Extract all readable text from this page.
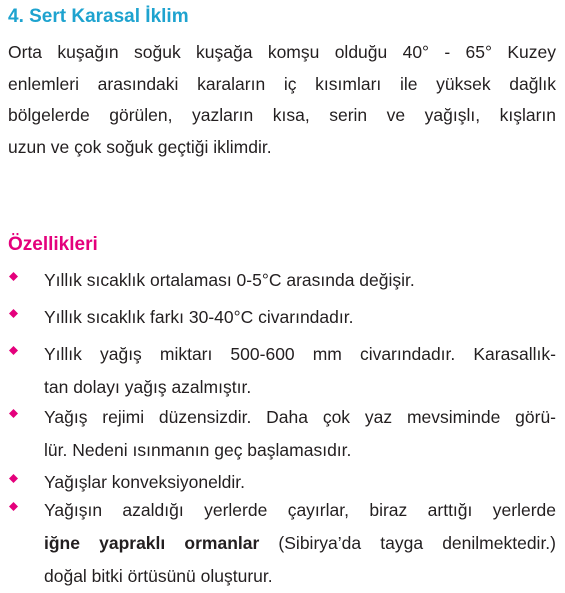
4. Sert Karasal İklim

Orta kuşağın soğuk kuşağa komşu olduğu 40° - 65° Kuzey
enlemleri arasındaki karaların iç kısımları ile yüksek dağlık
bölgelerde görülen, yazların kısa, serin ve yağışlı, kışların
uzun ve çok soğuk geçtiği iklimdir.

Özellikleri
Yıllık sıcaklık ortalaması 0-5°C arasında değişir.
Yıllık sıcaklık farkı 30-40°C civarındadır.
Yıllık yağış miktarı 500-600 mm civarındadır. Karasallık-
tan dolayı yağış azalmıştır.
Yağış rejimi düzensizdir. Daha çok yaz mevsiminde görü-
lür. Nedeni ısınmanın geç başlamasıdır.
Yağışlar konveksiyoneldir.
Yağışın azaldığı yerlerde çayırlar, biraz arttığı yerlerde
iğne yapraklı ormanlar (Sibirya’da tayga denilmektedir.)
doğal bitki örtüsünü oluşturur.
